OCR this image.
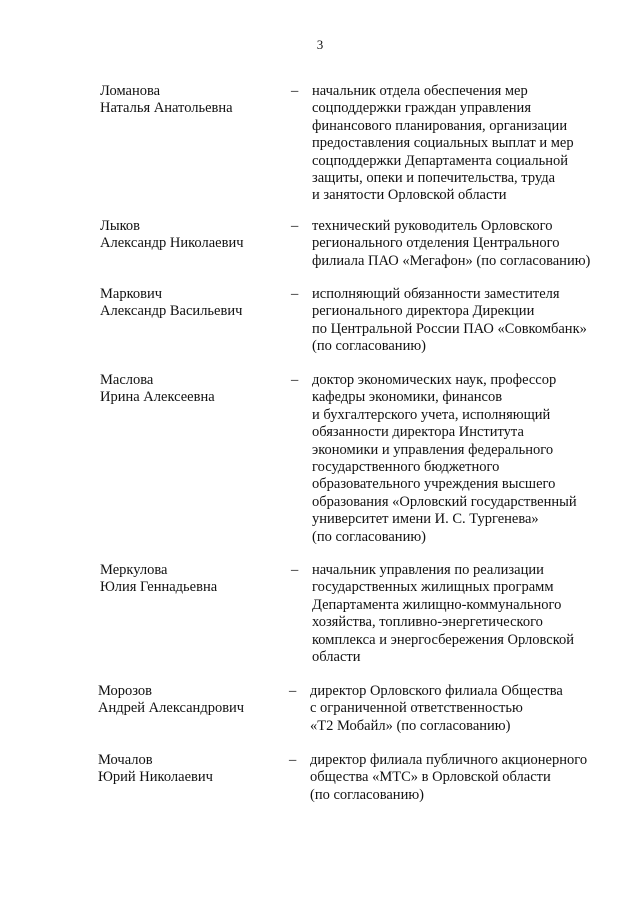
3
Ломанова
Наталья Анатольевна
– начальник отдела обеспечения мер
соцподдержки граждан управления
финансового планирования, организации
предоставления социальных выплат и мер
соцподдержки Департамента социальной
защиты, опеки и попечительства, труда
и занятости Орловской области
Лыков
Александр Николаевич
– технический руководитель Орловского
регионального отделения Центрального
филиала ПАО «Мегафон» (по согласованию)
Маркович
Александр Васильевич
– исполняющий обязанности заместителя
регионального директора Дирекции
по Центральной России ПАО «Совкомбанк»
(по согласованию)
Маслова
Ирина Алексеевна
– доктор экономических наук, профессор
кафедры экономики, финансов
и бухгалтерского учета, исполняющий
обязанности директора Института
экономики и управления федерального
государственного бюджетного
образовательного учреждения высшего
образования «Орловский государственный
университет имени И. С. Тургенева»
(по согласованию)
Меркулова
Юлия Геннадьевна
– начальник управления по реализации
государственных жилищных программ
Департамента жилищно-коммунального
хозяйства, топливно-энергетического
комплекса и энергосбережения Орловской
области
Морозов
Андрей Александрович
– директор Орловского филиала Общества
с ограниченной ответственностью
«Т2 Мобайл» (по согласованию)
Мочалов
Юрий Николаевич
– директор филиала публичного акционерного
общества «МТС» в Орловской области
(по согласованию)
